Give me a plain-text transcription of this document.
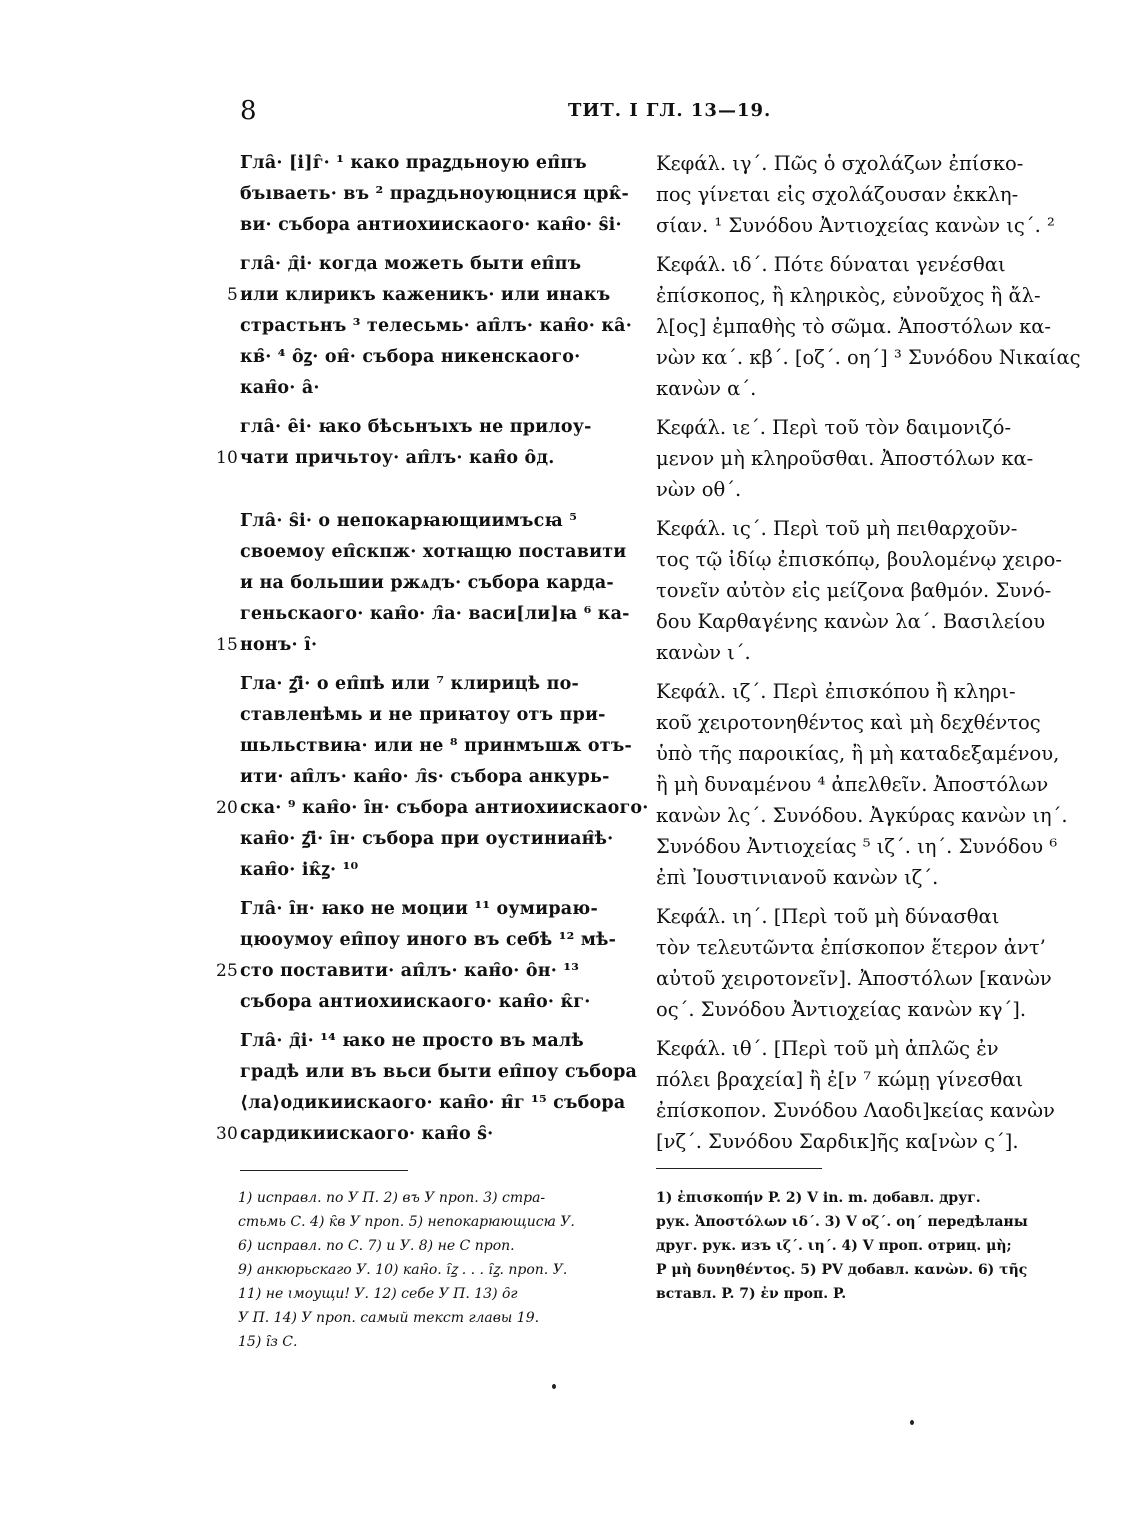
8	ТИТ. I ГЛ. 13—19.
Гла̑· [і]г̑· ¹ како праꙁдьноую еп̑пъ
бъıваеть· въ ² праꙁдьноуюцнися црк̑-
ви· събора антиохиискаого· кан̑о· ѕ̑і·
гла̑· д̑і· когда можеть быти еп̑пъ
или клирикъ каженикъ· или инакъ
5
страстьнъ ³ телесьмь· ап̑лъ· кан̑о· ка̑·
кв̑· ⁴ о̑ꙁ· он̑· събора никенскаого·
кан̑о· а̑·
гла̑· е̑і· ꙗко бѣсьнъıхъ не прилоу-
чати причьтоу· ап̑лъ· кан̑о о̑д.
10
Гла̑· ѕ̑і· о непокарꙗющиимъсꙗ ⁵
своемоу еп̑скпж· хотꙗщю поставити
и на большии ржѧдъ· събора кардa-
геньскаого· кан̑о· л̑а· васи[ли]ꙗ ⁶ ка-
нонъ· і̑·
15
Гла· ꙁ̑і· о еп̑пѣ или ⁷ клирицѣ по-
ставленѣмь и не приꙗтоу отъ при-
шьльствиꙗ· или не ⁸ принмъшѫ отъ-
ити· ап̑лъ· кан̑о· л̑ѕ· събора анкурь-
ска· ⁹ кан̑о· і̑н· събора антиохииcкаого·
20
кан̑о· ꙁ̑і· і̑н· събора при оустиниан̑ѣ·
кан̑о· ік̑ꙁ· ¹⁰
Гла̑· і̑н· ꙗко не моции ¹¹ оумираю-
цюоумоу еп̑поу иного въ себѣ ¹² мѣ-
сто поставити· ап̑лъ· кан̑о· о̑н· ¹³
25
събора антиохииcкаого· кан̑о· к̑г·
Гла̑· д̑і· ¹⁴ ꙗко не просто въ малѣ
градѣ или въ вьси быти еп̑поу събора
⟨ла⟩одикиискаого· кан̑о· н̑г ¹⁵ събора
сардикииcкаого· кан̑о ѕ̑·
30
Κεφάλ. ιγ΄. Πῶς ὁ σχολάζων ἐπίσκο-
πος γίνεται εἰς σχολάζουσαν ἐκκλη-
σίαν. ¹ Συνόδου Ἀντιοχείας κανὼν ις΄. ²
Κεφάλ. ιδ΄. Πότε δύναται γενέσθαι
ἐπίσκοπος, ἢ κληρικὸς, εὐνοῦχος ἢ ἄλ-
λ[ος] ἐμπαθὴς τὸ σῶμα. Ἀποστόλων κα-
νὼν κα΄. κβ΄. [οζ΄. οη΄] ³ Συνόδου Νικαίας
κανὼν α΄.
Κεφάλ. ιε΄. Περὶ τοῦ τὸν δαιμονιζό-
μενον μὴ κληροῦσθαι. Ἀποστόλων κα-
νὼν οθ΄.
Κεφάλ. ις΄. Περὶ τοῦ μὴ πειθαρχοῦν-
τος τῷ ἰδίῳ ἐπισκόπῳ, βουλομένῳ χειρο-
τονεῖν αὐτὸν εἰς μείζονα βαθμόν. Συνό-
δου Καρθαγένης κανὼν λα΄. Βασιλείου
κανὼν ι΄.
Κεφάλ. ιζ΄. Περὶ ἐπισκόπου ἢ κληρι-
κοῦ χειροτονηθέντος καὶ μὴ δεχθέντος
ὑπὸ τῆς παροικίας, ἢ μὴ καταδεξαμένου,
ἢ μὴ δυναμένου ⁴ ἀπελθεῖν. Ἀποστόλων
κανὼν λς΄. Συνόδου. Ἀγκύρας κανὼν ιη΄.
Συνόδου Ἀντιοχείας ⁵ ιζ΄. ιη΄. Συνόδου ⁶
ἐπὶ Ἰουστινιανοῦ κανὼν ιζ΄.
Κεφάλ. ιη΄. [Περὶ τοῦ μὴ δύνασθαι
τὸν τελευτῶντα ἐπίσκοπον ἕτερον ἀντ’
αὐτοῦ χειροτονεῖν]. Ἀποστόλων [κανὼν
ος΄. Συνόδου Ἀντιοχείας κανὼν κγ΄].
Κεφάλ. ιθ΄. [Περὶ τοῦ μὴ ἁπλῶς ἐν
πόλει βραχεία] ἢ ἐ[ν ⁷ κώμῃ γίνεσθαι
ἐπίσκοπον. Συνόδου Λαοδι]κείας κανὼν
[νζ΄. Συνόδου Σαρδικ]ῆς κα[νὼν ς΄].
1) исправл. по У П. 2) въ У проп. 3) стра-
стьмь С. 4) к̑в У проп. 5) непокарꙗющисꙗ У.
6) исправл. по С. 7) и У. 8) не С проп.
9) анкюрьскаго У. 10) кан̑о. і̑ꙁ . . . і̑ꙁ. проп. У.
11) не ꙇмоущи! У. 12) себе У П. 13) о̑г
У П. 14) У проп. самый текст главы 19.
15) і̑з С.
1) ἐπισκοπήν P. 2) V in. m. добавл. друг.
рук. Ἀποστόλων ιδ΄. 3) V οζ΄. οη΄ передѣланы
друг. рук. изъ ιζ΄. ιη΄. 4) V проп. отриц. μὴ;
P μὴ δυνηθέντος. 5) PV добавл. κανὼν. 6) τῆς
вставл. P. 7) ἐν проп. P.
